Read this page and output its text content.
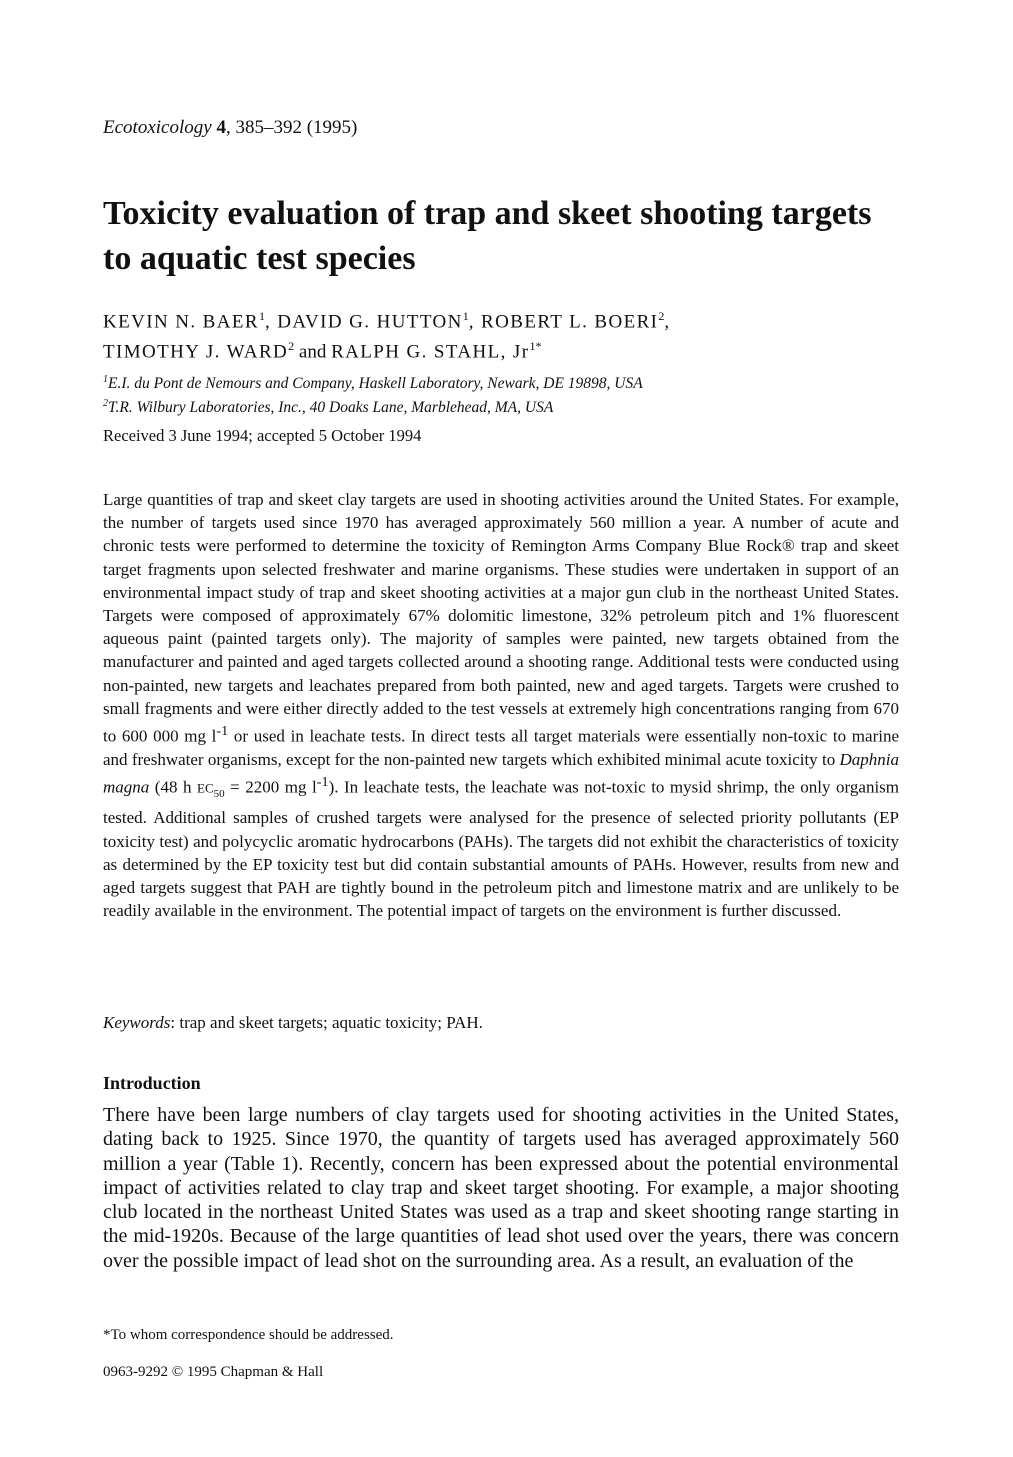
Ecotoxicology 4, 385–392 (1995)
Toxicity evaluation of trap and skeet shooting targets to aquatic test species
KEVIN N. BAER$^1$, DAVID G. HUTTON$^1$, ROBERT L. BOERI$^2$,
TIMOTHY J. WARD$^2$ and RALPH G. STAHL, $Jr^{1*}$
$^1$E.I. du Pont de Nemours and Company, Haskell Laboratory, Newark, DE 19898, USA
$^2$T.R. Wilbury Laboratories, Inc., 40 Doaks Lane, Marblehead, MA, USA
Received 3 June 1994; accepted 5 October 1994

Large quantities of trap and skeet clay targets are used in shooting activities around the United States. For example, the number of targets used since 1970 has averaged approximately 560 million a year. A number of acute and chronic tests were performed to determine the toxicity of Remington Arms Company Blue Rock® trap and skeet target fragments upon selected freshwater and marine organisms. These studies were undertaken in support of an environmental impact study of trap and skeet shooting activities at a major gun club in the northeast United States. Targets were composed of approximately 67% dolomitic limestone, 32% petroleum pitch and 1% fluorescent aqueous paint (painted targets only). The majority of samples were painted, new targets obtained from the manufacturer and painted and aged targets collected around a shooting range. Additional tests were conducted using non-painted, new targets and leachates prepared from both painted, new and aged targets. Targets were crushed to small fragments and were either directly added to the test vessels at extremely high concentrations ranging from 670 to 600 000 mg $l^{-1}$ or used in leachate tests. In direct tests all target materials were essentially non-toxic to marine and freshwater organisms, except for the non-painted new targets which exhibited minimal acute toxicity to Daphnia magna (48 h $EC_{50} = 2200$ mg $l^{-1}$). In leachate tests, the leachate was not-toxic to mysid shrimp, the only organism tested. Additional samples of crushed targets were analysed for the presence of selected priority pollutants (EP toxicity test) and polycyclic aromatic hydrocarbons (PAHs). The targets did not exhibit the characteristics of toxicity as determined by the EP toxicity test but did contain substantial amounts of PAHs. However, results from new and aged targets suggest that PAH are tightly bound in the petroleum pitch and limestone matrix and are unlikely to be readily available in the environment. The potential impact of targets on the environment is further discussed.

Keywords: trap and skeet targets; aquatic toxicity; PAH.
Introduction

There have been large numbers of clay targets used for shooting activities in the United States, dating back to 1925. Since 1970, the quantity of targets used has averaged approximately 560 million a year (Table 1). Recently, concern has been expressed about the potential environmental impact of activities related to clay trap and skeet target shooting. For example, a major shooting club located in the northeast United States was used as a trap and skeet shooting range starting in the mid-1920s. Because of the large quantities of lead shot used over the years, there was concern over the possible impact of lead shot on the surrounding area. As a result, an evaluation of the

*To whom correspondence should be addressed.
0963-9292 © 1995 Chapman & Hall
